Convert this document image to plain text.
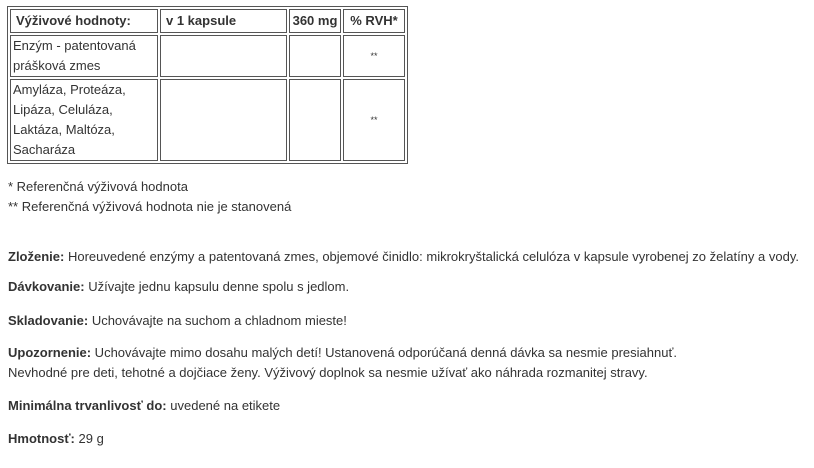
Výživové hodnoty:	v 1 kapsule	360 mg	% RVH*
Enzým - patentovaná
prášková zmes			**
Amyláza, Proteáza,
Lipáza, Celuláza,
Laktáza, Maltóza,
Sacharáza			**

* Referenčná výživová hodnota

** Referenčná výživová hodnota nie je stanovená

Zloženie: Horeuvedené enzýmy a patentovaná zmes, objemové činidlo: mikrokryštalická celulóza v kapsule vyrobenej zo želatíny a vody.

Dávkovanie: Užívajte jednu kapsulu denne spolu s jedlom.

Skladovanie: Uchovávajte na suchom a chladnom mieste!

Upozornenie: Uchovávajte mimo dosahu malých detí! Ustanovená odporúčaná denná dávka sa nesmie presiahnuť.
Nevhodné pre deti, tehotné a dojčiace ženy. Výživový doplnok sa nesmie užívať ako náhrada rozmanitej stravy.

Minimálna trvanlivosť do: uvedené na etikete

Hmotnosť: 29 g
